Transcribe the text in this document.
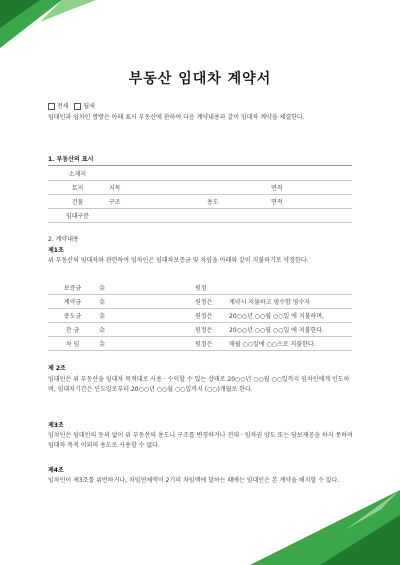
부동산 임대차 계약서
전세 월세
임대인과 임차인 쌍방은 아래 표시 부동산에 관하여 다음 계약내용과 같이 임대차 계약을 체결한다.
1. 부동산의 표시
소재지					
토지	지목			면적	
건물	구조		용도	면적	
임대구분					
2. 계약내용
제1조
위 부동산의 임대차와 관련하여 임차인은 임대차보증금 및 차임을 아래와 같이 지불하기로 약정한다.
보증금	金	원정	
계약금	金	원정은	계약시 지불하고 영수함 영수자
중도금	金	원정은	20○○년 ○○월 ○○일 에 지불하며,
잔 금	金	원정은	20○○년 ○○월 ○○일 에 지불한다.
차 임	金	원정은	매월 ○○일에 ○○으로 지불한다.
제 2조
임대인은 위 부동산을 임대차 목적대로 사용 · 수익할 수 있는 상태로 20○○년 ○○월 ○○일까지 임차인에게 인도하며, 임대차기간은 인도일로부터 20○○년 ○○월 ○○일까지 (○○)개월로 한다.
제3조
임차인은 임대인의 동의 없이 위 부동산의 용도나 구조를 변경하거나 전대 · 임차권 양도 또는 담보제공을 하지 못하며 임대차 목적 이외의 용도로 사용할 수 없다.
제4조
임차인이 제3조를 위반하거나, 차임연체액이 2기의 차임액에 달하는 때에는 임대인은 본 계약을 해지할 수 있다.
